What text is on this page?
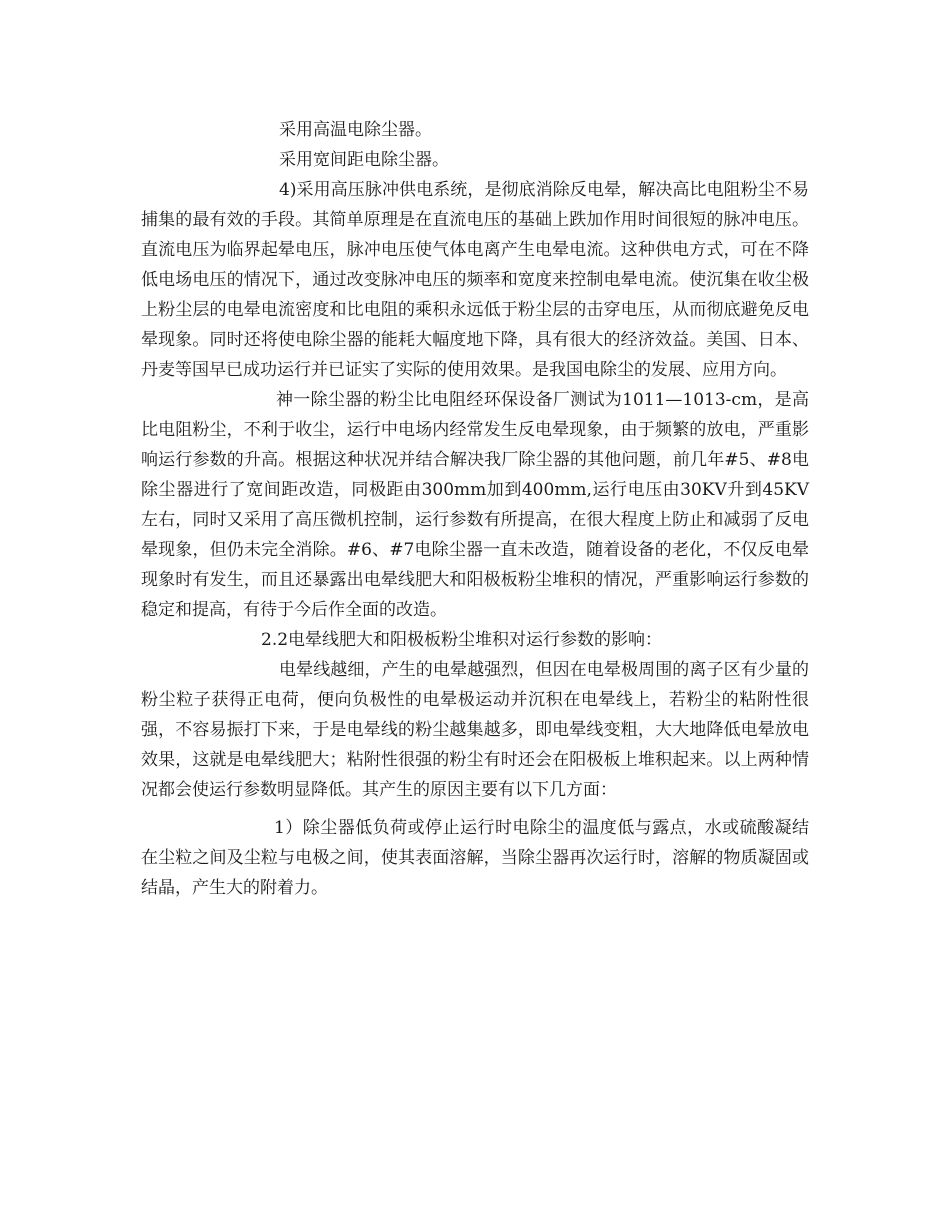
采用高温电除尘器。

采用宽间距电除尘器。

4)采用高压脉冲供电系统，是彻底消除反电晕，解决高比电阻粉尘不易捕集的最有效的手段。其简单原理是在直流电压的基础上跌加作用时间很短的脉冲电压。直流电压为临界起晕电压，脉冲电压使气体电离产生电晕电流。这种供电方式，可在不降低电场电压的情况下，通过改变脉冲电压的频率和宽度来控制电晕电流。使沉集在收尘极上粉尘层的电晕电流密度和比电阻的乘积永远低于粉尘层的击穿电压，从而彻底避免反电晕现象。同时还将使电除尘器的能耗大幅度地下降，具有很大的经济效益。美国、日本、丹麦等国早已成功运行并已证实了实际的使用效果。是我国电除尘的发展、应用方向。

神一除尘器的粉尘比电阻经环保设备厂测试为1011—1013-cm，是高比电阻粉尘，不利于收尘，运行中电场内经常发生反电晕现象，由于频繁的放电，严重影响运行参数的升高。根据这种状况并结合解决我厂除尘器的其他问题，前几年#5、#8电除尘器进行了宽间距改造，同极距由300mm加到400mm,运行电压由30KV升到45KV左右，同时又采用了高压微机控制，运行参数有所提高，在很大程度上防止和减弱了反电晕现象，但仍未完全消除。#6、#7电除尘器一直未改造，随着设备的老化，不仅反电晕现象时有发生，而且还暴露出电晕线肥大和阳极板粉尘堆积的情况，严重影响运行参数的稳定和提高，有待于今后作全面的改造。

2.2电晕线肥大和阳极板粉尘堆积对运行参数的影响：

电晕线越细，产生的电晕越强烈，但因在电晕极周围的离子区有少量的粉尘粒子获得正电荷，便向负极性的电晕极运动并沉积在电晕线上，若粉尘的粘附性很强，不容易振打下来，于是电晕线的粉尘越集越多，即电晕线变粗，大大地降低电晕放电效果，这就是电晕线肥大；粘附性很强的粉尘有时还会在阳极板上堆积起来。以上两种情况都会使运行参数明显降低。其产生的原因主要有以下几方面：

1）除尘器低负荷或停止运行时电除尘的温度低与露点，水或硫酸凝结在尘粒之间及尘粒与电极之间，使其表面溶解，当除尘器再次运行时，溶解的物质凝固或结晶，产生大的附着力。
